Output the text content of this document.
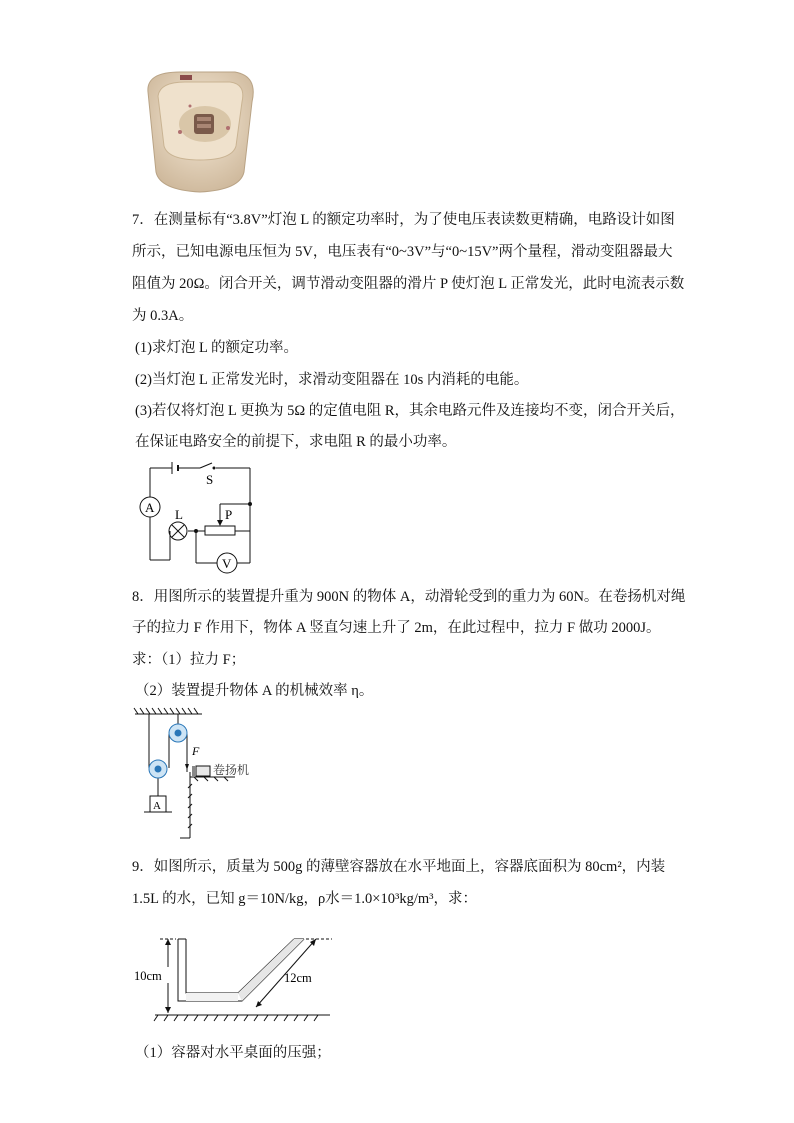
7．在测量标有“3.8V”灯泡 L 的额定功率时，为了使电压表读数更精确，电路设计如图
所示，已知电源电压恒为 5V，电压表有“0~3V”与“0~15V”两个量程，滑动变阻器最大
阻值为 20Ω。闭合开关，调节滑动变阻器的滑片 P 使灯泡 L 正常发光，此时电流表示数
为 0.3A。
(1)求灯泡 L 的额定功率。
(2)当灯泡 L 正常发光时，求滑动变阻器在 10s 内消耗的电能。
(3)若仅将灯泡 L 更换为 5Ω 的定值电阻 R，其余电路元件及连接均不变，闭合开关后，
在保证电路安全的前提下，求电阻 R 的最小功率。
S
A L	P
V
8．用图所示的装置提升重为 900N 的物体 A，动滑轮受到的重力为 60N。在卷扬机对绳
子的拉力 F 作用下，物体 A 竖直匀速上升了 2m，在此过程中，拉力 F 做功 2000J。
求：（1）拉力 F；
（2）装置提升物体 A 的机械效率 η。
F
卷扬机
A
9．如图所示，质量为 500g 的薄壁容器放在水平地面上，容器底面积为 80cm²，内装
1.5L 的水，已知 g＝10N/kg，ρ水＝1.0×10³kg/m³，求：
10cm	12cm
（1）容器对水平桌面的压强；
